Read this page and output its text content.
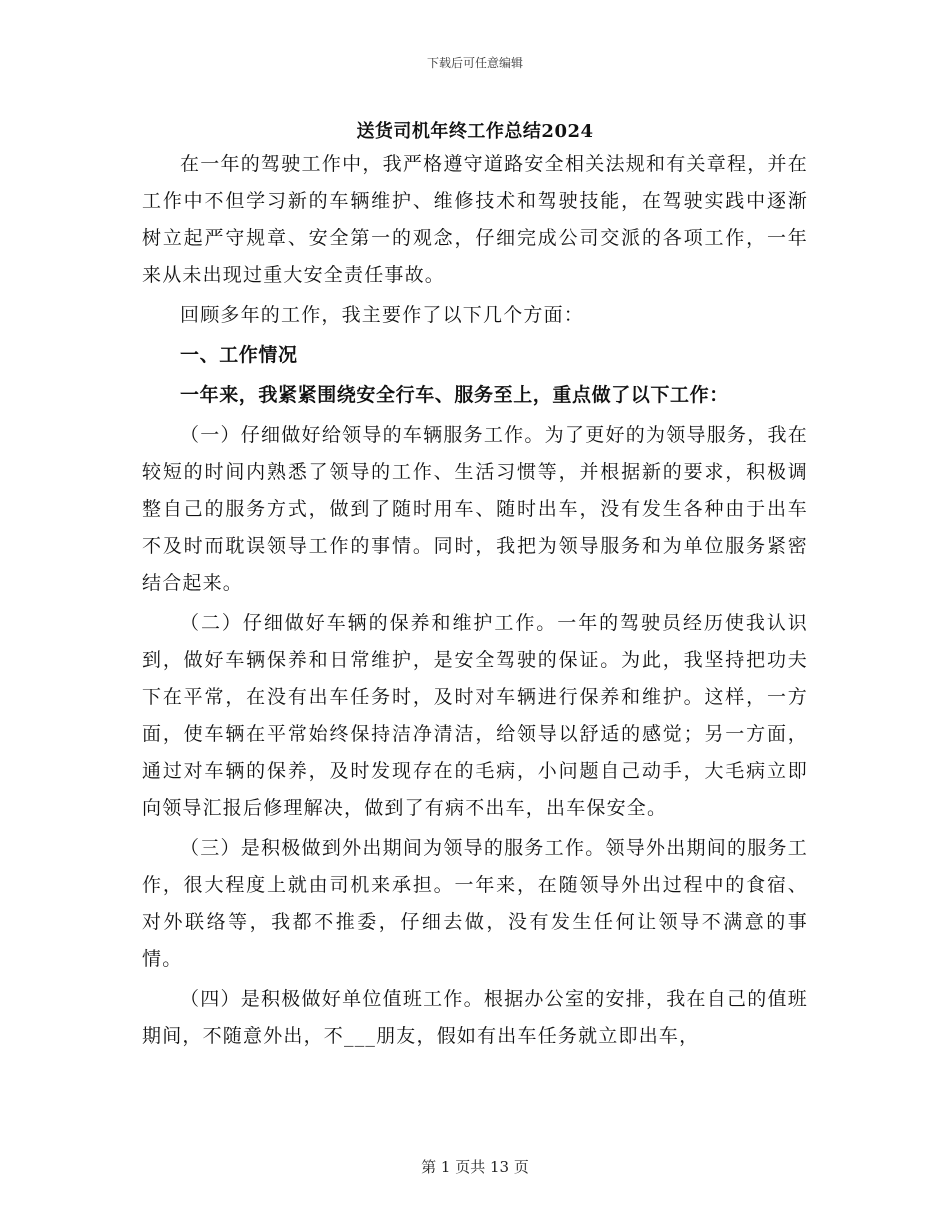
下载后可任意编辑
送货司机年终工作总结2024

在一年的驾驶工作中，我严格遵守道路安全相关法规和有关章程，并在工作中不但学习新的车辆维护、维修技术和驾驶技能，在驾驶实践中逐渐树立起严守规章、安全第一的观念，仔细完成公司交派的各项工作，一年来从未出现过重大安全责任事故。

回顾多年的工作，我主要作了以下几个方面：

一、工作情况

一年来，我紧紧围绕安全行车、服务至上，重点做了以下工作：

（一）仔细做好给领导的车辆服务工作。为了更好的为领导服务，我在较短的时间内熟悉了领导的工作、生活习惯等，并根据新的要求，积极调整自己的服务方式，做到了随时用车、随时出车，没有发生各种由于出车不及时而耽误领导工作的事情。同时，我把为领导服务和为单位服务紧密结合起来。

（二）仔细做好车辆的保养和维护工作。一年的驾驶员经历使我认识到，做好车辆保养和日常维护，是安全驾驶的保证。为此，我坚持把功夫下在平常，在没有出车任务时，及时对车辆进行保养和维护。这样，一方面，使车辆在平常始终保持洁净清洁，给领导以舒适的感觉；另一方面，通过对车辆的保养，及时发现存在的毛病，小问题自己动手，大毛病立即向领导汇报后修理解决，做到了有病不出车，出车保安全。

（三）是积极做到外出期间为领导的服务工作。领导外出期间的服务工作，很大程度上就由司机来承担。一年来，在随领导外出过程中的食宿、对外联络等，我都不推委，仔细去做，没有发生任何让领导不满意的事情。

（四）是积极做好单位值班工作。根据办公室的安排，我在自己的值班期间，不随意外出，不___朋友，假如有出车任务就立即出车，

第 1 页共 13 页
